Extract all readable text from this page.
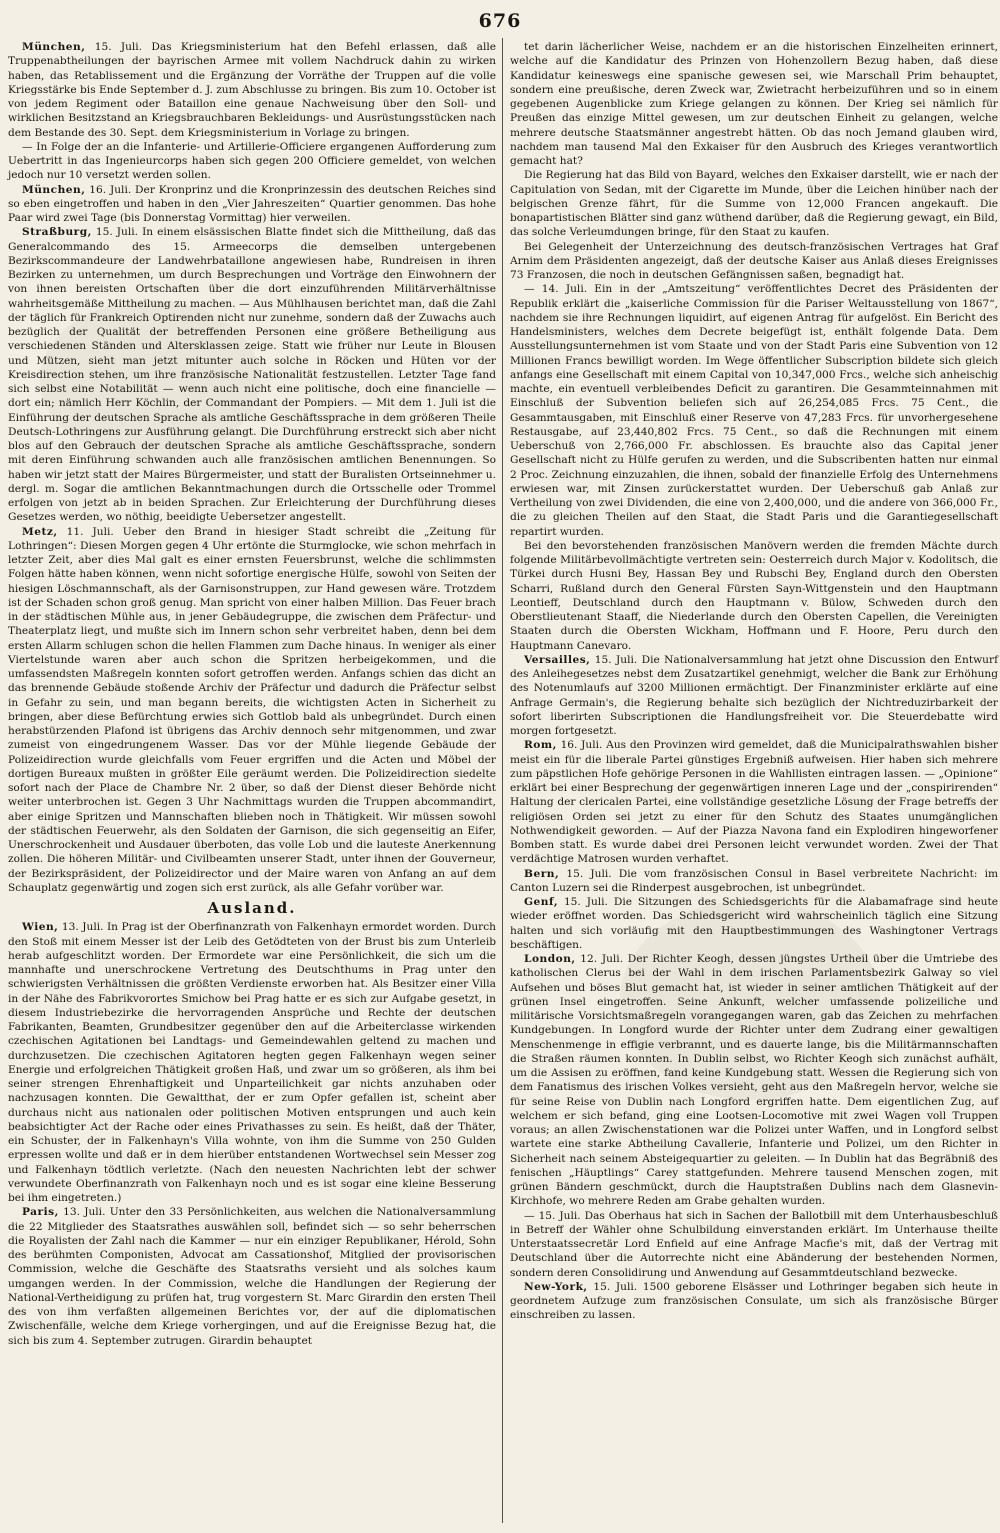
676

München, 15. Juli. Das Kriegsministerium hat den Befehl erlassen, daß alle Truppenabtheilungen der bayrischen Armee mit vollem Nachdruck dahin zu wirken haben, das Retablissement und die Ergänzung der Vorräthe der Truppen auf die volle Kriegsstärke bis Ende September d. J. zum Abschlusse zu bringen. Bis zum 10. October ist von jedem Regiment oder Bataillon eine genaue Nachweisung über den Soll- und wirklichen Besitzstand an Kriegsbrauchbaren Bekleidungs- und Ausrüstungsstücken nach dem Bestande des 30. Sept. dem Kriegsministerium in Vorlage zu bringen.

— In Folge der an die Infanterie- und Artillerie-Officiere ergangenen Aufforderung zum Uebertritt in das Ingenieurcorps haben sich gegen 200 Officiere gemeldet, von welchen jedoch nur 10 versetzt werden sollen.

München, 16. Juli. Der Kronprinz und die Kronprinzessin des deutschen Reiches sind so eben eingetroffen und haben in den „Vier Jahreszeiten“ Quartier genommen. Das hohe Paar wird zwei Tage (bis Donnerstag Vormittag) hier verweilen.

Straßburg, 15. Juli. In einem elsässischen Blatte findet sich die Mittheilung, daß das Generalcommando des 15. Armeecorps die demselben untergebenen Bezirkscommandeure der Landwehrbataillone angewiesen habe, Rundreisen in ihren Bezirken zu unternehmen, um durch Besprechungen und Vorträge den Einwohnern der von ihnen bereisten Ortschaften über die dort einzuführenden Militärverhältnisse wahrheitsgemäße Mittheilung zu machen. — Aus Mühlhausen berichtet man, daß die Zahl der täglich für Frankreich Optirenden nicht nur zunehme, sondern daß der Zuwachs auch bezüglich der Qualität der betreffenden Personen eine größere Betheiligung aus verschiedenen Ständen und Altersklassen zeige. Statt wie früher nur Leute in Blousen und Mützen, sieht man jetzt mitunter auch solche in Röcken und Hüten vor der Kreisdirection stehen, um ihre französische Nationalität festzustellen. Letzter Tage fand sich selbst eine Notabilität — wenn auch nicht eine politische, doch eine financielle — dort ein; nämlich Herr Köchlin, der Commandant der Pompiers. — Mit dem 1. Juli ist die Einführung der deutschen Sprache als amtliche Geschäftssprache in dem größeren Theile Deutsch-Lothringens zur Ausführung gelangt. Die Durchführung erstreckt sich aber nicht blos auf den Gebrauch der deutschen Sprache als amtliche Geschäftssprache, sondern mit deren Einführung schwanden auch alle französischen amtlichen Benennungen. So haben wir jetzt statt der Maires Bürgermeister, und statt der Buralisten Ortseinnehmer u. dergl. m. Sogar die amtlichen Bekanntmachungen durch die Ortsschelle oder Trommel erfolgen von jetzt ab in beiden Sprachen. Zur Erleichterung der Durchführung dieses Gesetzes werden, wo nöthig, beeidigte Uebersetzer angestellt.

Metz, 11. Juli. Ueber den Brand in hiesiger Stadt schreibt die „Zeitung für Lothringen“: Diesen Morgen gegen 4 Uhr ertönte die Sturmglocke, wie schon mehrfach in letzter Zeit, aber dies Mal galt es einer ernsten Feuersbrunst, welche die schlimmsten Folgen hätte haben können, wenn nicht sofortige energische Hülfe, sowohl von Seiten der hiesigen Löschmannschaft, als der Garnisonstruppen, zur Hand gewesen wäre. Trotzdem ist der Schaden schon groß genug. Man spricht von einer halben Million. Das Feuer brach in der städtischen Mühle aus, in jener Gebäudegruppe, die zwischen dem Präfectur- und Theaterplatz liegt, und mußte sich im Innern schon sehr verbreitet haben, denn bei dem ersten Allarm schlugen schon die hellen Flammen zum Dache hinaus. In weniger als einer Viertelstunde waren aber auch schon die Spritzen herbeigekommen, und die umfassendsten Maßregeln konnten sofort getroffen werden. Anfangs schien das dicht an das brennende Gebäude stoßende Archiv der Präfectur und dadurch die Präfectur selbst in Gefahr zu sein, und man begann bereits, die wichtigsten Acten in Sicherheit zu bringen, aber diese Befürchtung erwies sich Gottlob bald als unbegründet. Durch einen herabstürzenden Plafond ist übrigens das Archiv dennoch sehr mitgenommen, und zwar zumeist von eingedrungenem Wasser. Das vor der Mühle liegende Gebäude der Polizeidirection wurde gleichfalls vom Feuer ergriffen und die Acten und Möbel der dortigen Bureaux mußten in größter Eile geräumt werden. Die Polizeidirection siedelte sofort nach der Place de Chambre Nr. 2 über, so daß der Dienst dieser Behörde nicht weiter unterbrochen ist. Gegen 3 Uhr Nachmittags wurden die Truppen abcommandirt, aber einige Spritzen und Mannschaften blieben noch in Thätigkeit. Wir müssen sowohl der städtischen Feuerwehr, als den Soldaten der Garnison, die sich gegenseitig an Eifer, Unerschrockenheit und Ausdauer überboten, das volle Lob und die lauteste Anerkennung zollen. Die höheren Militär- und Civilbeamten unserer Stadt, unter ihnen der Gouverneur, der Bezirkspräsident, der Polizeidirector und der Maire waren von Anfang an auf dem Schauplatz gegenwärtig und zogen sich erst zurück, als alle Gefahr vorüber war.

Ausland.

Wien, 13. Juli. In Prag ist der Oberfinanzrath von Falkenhayn ermordet worden. Durch den Stoß mit einem Messer ist der Leib des Getödteten von der Brust bis zum Unterleib herab aufgeschlitzt worden. Der Ermordete war eine Persönlichkeit, die sich um die mannhafte und unerschrockene Vertretung des Deutschthums in Prag unter den schwierigsten Verhältnissen die größten Verdienste erworben hat. Als Besitzer einer Villa in der Nähe des Fabrikvorortes Smichow bei Prag hatte er es sich zur Aufgabe gesetzt, in diesem Industriebezirke die hervorragenden Ansprüche und Rechte der deutschen Fabrikanten, Beamten, Grundbesitzer gegenüber den auf die Arbeiterclasse wirkenden czechischen Agitationen bei Landtags- und Gemeindewahlen geltend zu machen und durchzusetzen. Die czechischen Agitatoren hegten gegen Falkenhayn wegen seiner Energie und erfolgreichen Thätigkeit großen Haß, und zwar um so größeren, als ihm bei seiner strengen Ehrenhaftigkeit und Unparteilichkeit gar nichts anzuhaben oder nachzusagen konnten. Die Gewaltthat, der er zum Opfer gefallen ist, scheint aber durchaus nicht aus nationalen oder politischen Motiven entsprungen und auch kein beabsichtigter Act der Rache oder eines Privathasses zu sein. Es heißt, daß der Thäter, ein Schuster, der in Falkenhayn's Villa wohnte, von ihm die Summe von 250 Gulden erpressen wollte und daß er in dem hierüber entstandenen Wortwechsel sein Messer zog und Falkenhayn tödtlich verletzte. (Nach den neuesten Nachrichten lebt der schwer verwundete Oberfinanzrath von Falkenhayn noch und es ist sogar eine kleine Besserung bei ihm eingetreten.)

Paris, 13. Juli. Unter den 33 Persönlichkeiten, aus welchen die Nationalversammlung die 22 Mitglieder des Staatsrathes auswählen soll, befindet sich — so sehr beherrschen die Royalisten der Zahl nach die Kammer — nur ein einziger Republikaner, Hérold, Sohn des berühmten Componisten, Advocat am Cassationshof, Mitglied der provisorischen Commission, welche die Geschäfte des Staatsraths versieht und als solches kaum umgangen werden. In der Commission, welche die Handlungen der Regierung der National-Vertheidigung zu prüfen hat, trug vorgestern St. Marc Girardin den ersten Theil des von ihm verfaßten allgemeinen Berichtes vor, der auf die diplomatischen Zwischenfälle, welche dem Kriege vorhergingen, und auf die Ereignisse Bezug hat, die sich bis zum 4. September zutrugen. Girardin behauptet

tet darin lächerlicher Weise, nachdem er an die historischen Einzelheiten erinnert, welche auf die Kandidatur des Prinzen von Hohenzollern Bezug haben, daß diese Kandidatur keineswegs eine spanische gewesen sei, wie Marschall Prim behauptet, sondern eine preußische, deren Zweck war, Zwietracht herbeizuführen und so in einem gegebenen Augenblicke zum Kriege gelangen zu können. Der Krieg sei nämlich für Preußen das einzige Mittel gewesen, um zur deutschen Einheit zu gelangen, welche mehrere deutsche Staatsmänner angestrebt hätten. Ob das noch Jemand glauben wird, nachdem man tausend Mal den Exkaiser für den Ausbruch des Krieges verantwortlich gemacht hat?

Die Regierung hat das Bild von Bayard, welches den Exkaiser darstellt, wie er nach der Capitulation von Sedan, mit der Cigarette im Munde, über die Leichen hinüber nach der belgischen Grenze fährt, für die Summe von 12,000 Francen angekauft. Die bonapartistischen Blätter sind ganz wüthend darüber, daß die Regierung gewagt, ein Bild, das solche Verleumdungen bringe, für den Staat zu kaufen.

Bei Gelegenheit der Unterzeichnung des deutsch-französischen Vertrages hat Graf Arnim dem Präsidenten angezeigt, daß der deutsche Kaiser aus Anlaß dieses Ereignisses 73 Franzosen, die noch in deutschen Gefängnissen saßen, begnadigt hat.

— 14. Juli. Ein in der „Amtszeitung“ veröffentlichtes Decret des Präsidenten der Republik erklärt die „kaiserliche Commission für die Pariser Weltausstellung von 1867“, nachdem sie ihre Rechnungen liquidirt, auf eigenen Antrag für aufgelöst. Ein Bericht des Handelsministers, welches dem Decrete beigefügt ist, enthält folgende Data. Dem Ausstellungsunternehmen ist vom Staate und von der Stadt Paris eine Subvention von 12 Millionen Francs bewilligt worden. Im Wege öffentlicher Subscription bildete sich gleich anfangs eine Gesellschaft mit einem Capital von 10,347,000 Frcs., welche sich anheischig machte, ein eventuell verbleibendes Deficit zu garantiren. Die Gesammteinnahmen mit Einschluß der Subvention beliefen sich auf 26,254,085 Frcs. 75 Cent., die Gesammtausgaben, mit Einschluß einer Reserve von 47,283 Frcs. für unvorhergesehene Restausgabe, auf 23,440,802 Frcs. 75 Cent., so daß die Rechnungen mit einem Ueberschuß von 2,766,000 Fr. abschlossen. Es brauchte also das Capital jener Gesellschaft nicht zu Hülfe gerufen zu werden, und die Subscribenten hatten nur einmal 2 Proc. Zeichnung einzuzahlen, die ihnen, sobald der finanzielle Erfolg des Unternehmens erwiesen war, mit Zinsen zurückerstattet wurden. Der Ueberschuß gab Anlaß zur Vertheilung von zwei Dividenden, die eine von 2,400,000, und die andere von 366,000 Fr., die zu gleichen Theilen auf den Staat, die Stadt Paris und die Garantiegesellschaft repartirt wurden.

Bei den bevorstehenden französischen Manövern werden die fremden Mächte durch folgende Militärbevollmächtigte vertreten sein: Oesterreich durch Major v. Kodolitsch, die Türkei durch Husni Bey, Hassan Bey und Rubschi Bey, England durch den Obersten Scharri, Rußland durch den General Fürsten Sayn-Wittgenstein und den Hauptmann Leontieff, Deutschland durch den Hauptmann v. Bülow, Schweden durch den Oberstlieutenant Staaff, die Niederlande durch den Obersten Capellen, die Vereinigten Staaten durch die Obersten Wickham, Hoffmann und F. Hoore, Peru durch den Hauptmann Canevaro.

Versailles, 15. Juli. Die Nationalversammlung hat jetzt ohne Discussion den Entwurf des Anleihegesetzes nebst dem Zusatzartikel genehmigt, welcher die Bank zur Erhöhung des Notenumlaufs auf 3200 Millionen ermächtigt. Der Finanzminister erklärte auf eine Anfrage Germain's, die Regierung behalte sich bezüglich der Nichtreduzirbarkeit der sofort liberirten Subscriptionen die Handlungsfreiheit vor. Die Steuerdebatte wird morgen fortgesetzt.

Rom, 16. Juli. Aus den Provinzen wird gemeldet, daß die Municipalrathswahlen bisher meist ein für die liberale Partei günstiges Ergebniß aufweisen. Hier haben sich mehrere zum päpstlichen Hofe gehörige Personen in die Wahllisten eintragen lassen. — „Opinione“ erklärt bei einer Besprechung der gegenwärtigen inneren Lage und der „conspirirenden“ Haltung der clericalen Partei, eine vollständige gesetzliche Lösung der Frage betreffs der religiösen Orden sei jetzt zu einer für den Schutz des Staates unumgänglichen Nothwendigkeit geworden. — Auf der Piazza Navona fand ein Explodiren hingeworfener Bomben statt. Es wurde dabei drei Personen leicht verwundet worden. Zwei der That verdächtige Matrosen wurden verhaftet.

Bern, 15. Juli. Die vom französischen Consul in Basel verbreitete Nachricht: im Canton Luzern sei die Rinderpest ausgebrochen, ist unbegründet.

Genf, 15. Juli. Die Sitzungen des Schiedsgerichts für die Alabamafrage sind heute wieder eröffnet worden. Das Schiedsgericht wird wahrscheinlich täglich eine Sitzung halten und sich vorläufig mit den Hauptbestimmungen des Washingtoner Vertrags beschäftigen.

London, 12. Juli. Der Richter Keogh, dessen jüngstes Urtheil über die Umtriebe des katholischen Clerus bei der Wahl in dem irischen Parlamentsbezirk Galway so viel Aufsehen und böses Blut gemacht hat, ist wieder in seiner amtlichen Thätigkeit auf der grünen Insel eingetroffen. Seine Ankunft, welcher umfassende polizeiliche und militärische Vorsichtsmaßregeln vorangegangen waren, gab das Zeichen zu mehrfachen Kundgebungen. In Longford wurde der Richter unter dem Zudrang einer gewaltigen Menschenmenge in effigie verbrannt, und es dauerte lange, bis die Militärmannschaften die Straßen räumen konnten. In Dublin selbst, wo Richter Keogh sich zunächst aufhält, um die Assisen zu eröffnen, fand keine Kundgebung statt. Wessen die Regierung sich von dem Fanatismus des irischen Volkes versieht, geht aus den Maßregeln hervor, welche sie für seine Reise von Dublin nach Longford ergriffen hatte. Dem eigentlichen Zug, auf welchem er sich befand, ging eine Lootsen-Locomotive mit zwei Wagen voll Truppen voraus; an allen Zwischenstationen war die Polizei unter Waffen, und in Longford selbst wartete eine starke Abtheilung Cavallerie, Infanterie und Polizei, um den Richter in Sicherheit nach seinem Absteigequartier zu geleiten. — In Dublin hat das Begräbniß des fenischen „Häuptlings“ Carey stattgefunden. Mehrere tausend Menschen zogen, mit grünen Bändern geschmückt, durch die Hauptstraßen Dublins nach dem Glasnevin-Kirchhofe, wo mehrere Reden am Grabe gehalten wurden.

— 15. Juli. Das Oberhaus hat sich in Sachen der Ballotbill mit dem Unterhausbeschluß in Betreff der Wähler ohne Schulbildung einverstanden erklärt. Im Unterhause theilte Unterstaatssecretär Lord Enfield auf eine Anfrage Macfie's mit, daß der Vertrag mit Deutschland über die Autorrechte nicht eine Abänderung der bestehenden Normen, sondern deren Consolidirung und Anwendung auf Gesammtdeutschland bezwecke.

New-York, 15. Juli. 1500 geborene Elsässer und Lothringer begaben sich heute in geordnetem Aufzuge zum französischen Consulate, um sich als französische Bürger einschreiben zu lassen.
